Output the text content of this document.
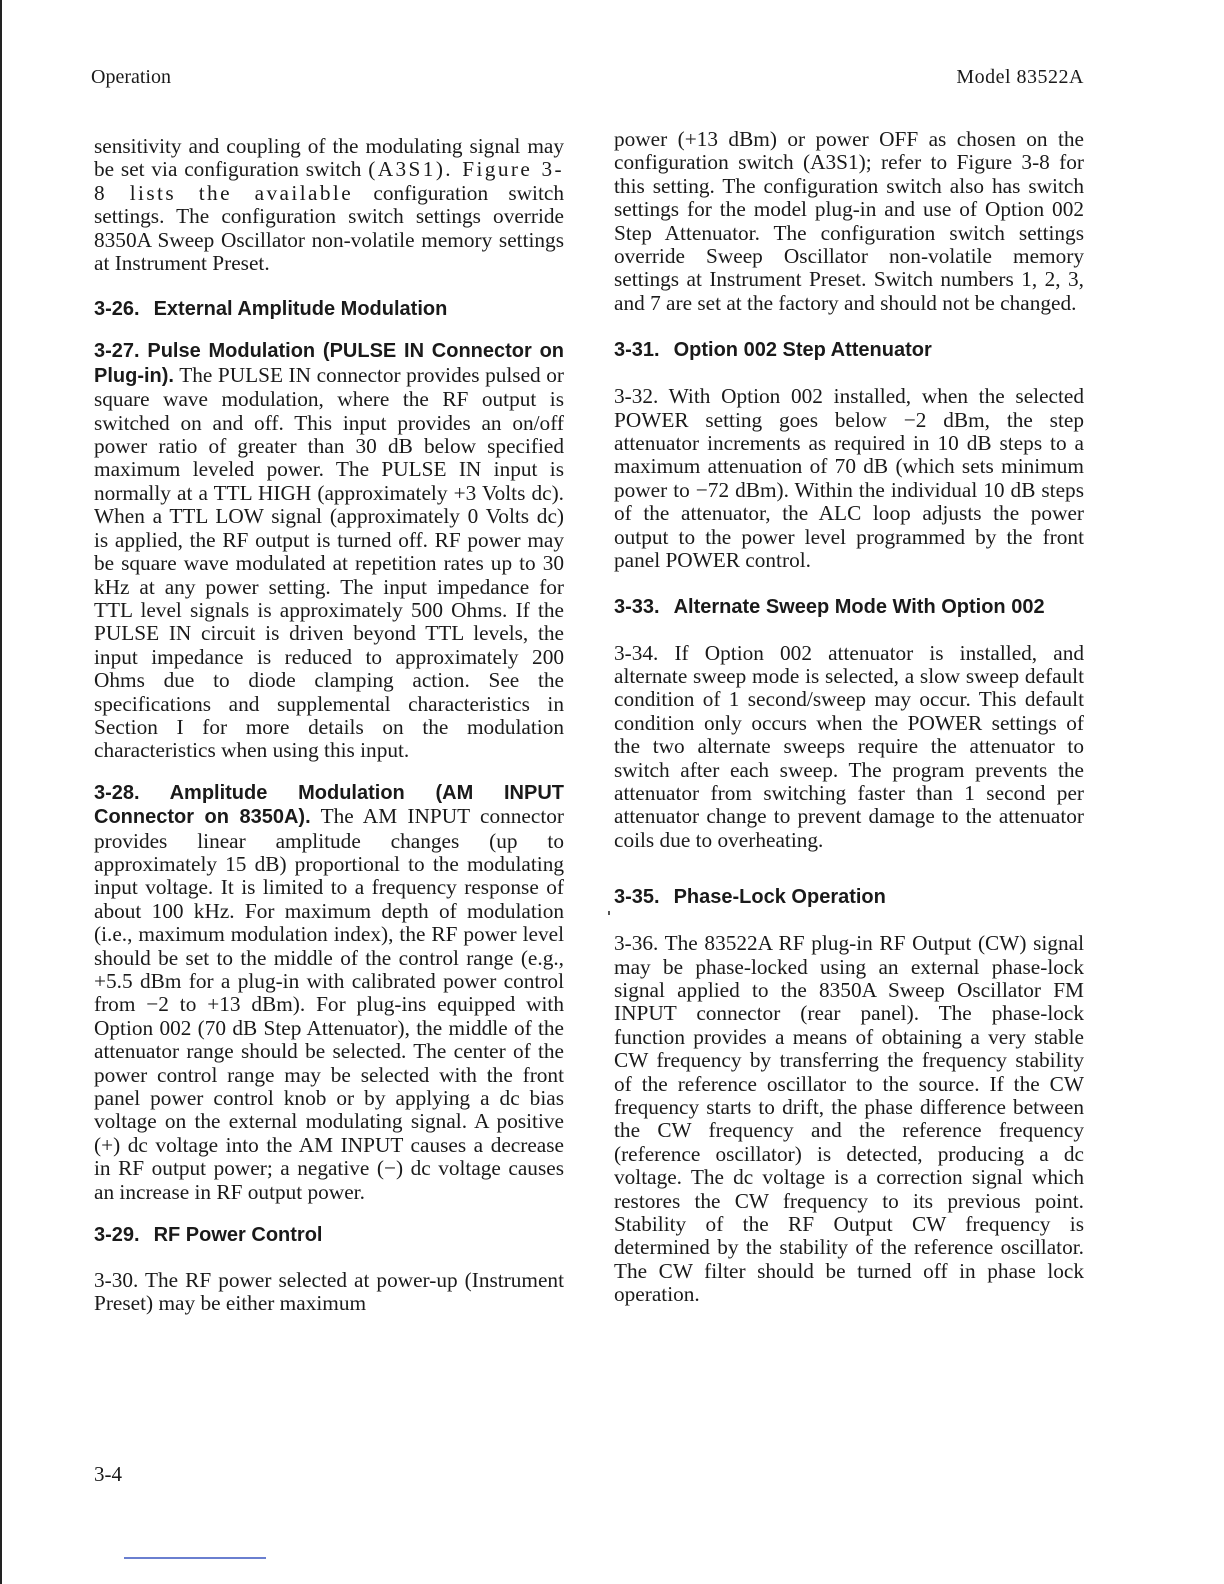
Operation	Model 83522A

sensitivity and coupling of the modulating signal may be set via configuration switch (A3S1). Figure 3-8 lists the available configuration switch settings. The configuration switch settings override 8350A Sweep Oscillator non-volatile memory settings at Instrument Preset.

3-26. External Amplitude Modulation

3-27. Pulse Modulation (PULSE IN Connector on Plug-in). The PULSE IN connector provides pulsed or square wave modulation, where the RF output is switched on and off. This input provides an on/off power ratio of greater than 30 dB below specified maximum leveled power. The PULSE IN input is normally at a TTL HIGH (approximately +3 Volts dc). When a TTL LOW signal (approximately 0 Volts dc) is applied, the RF output is turned off. RF power may be square wave modulated at repetition rates up to 30 kHz at any power setting. The input impedance for TTL level signals is approximately 500 Ohms. If the PULSE IN circuit is driven beyond TTL levels, the input impedance is reduced to approximately 200 Ohms due to diode clamping action. See the specifications and supplemental characteristics in Section I for more details on the modulation characteristics when using this input.

3-28. Amplitude Modulation (AM INPUT Connector on 8350A). The AM INPUT connector provides linear amplitude changes (up to approximately 15 dB) proportional to the modulating input voltage. It is limited to a frequency response of about 100 kHz. For maximum depth of modulation (i.e., maximum modulation index), the RF power level should be set to the middle of the control range (e.g., +5.5 dBm for a plug-in with calibrated power control from −2 to +13 dBm). For plug-ins equipped with Option 002 (70 dB Step Attenuator), the middle of the attenuator range should be selected. The center of the power control range may be selected with the front panel power control knob or by applying a dc bias voltage on the external modulating signal. A positive (+) dc voltage into the AM INPUT causes a decrease in RF output power; a negative (−) dc voltage causes an increase in RF output power.

3-29. RF Power Control

3-30. The RF power selected at power-up (Instrument Preset) may be either maximum

power (+13 dBm) or power OFF as chosen on the configuration switch (A3S1); refer to Figure 3-8 for this setting. The configuration switch also has switch settings for the model plug-in and use of Option 002 Step Attenuator. The configuration switch settings override Sweep Oscillator non-volatile memory settings at Instrument Preset. Switch numbers 1, 2, 3, and 7 are set at the factory and should not be changed.

3-31. Option 002 Step Attenuator

3-32. With Option 002 installed, when the selected POWER setting goes below −2 dBm, the step attenuator increments as required in 10 dB steps to a maximum attenuation of 70 dB (which sets minimum power to −72 dBm). Within the individual 10 dB steps of the attenuator, the ALC loop adjusts the power output to the power level programmed by the front panel POWER control.

3-33. Alternate Sweep Mode With Option 002

3-34. If Option 002 attenuator is installed, and alternate sweep mode is selected, a slow sweep default condition of 1 second/sweep may occur. This default condition only occurs when the POWER settings of the two alternate sweeps require the attenuator to switch after each sweep. The program prevents the attenuator from switching faster than 1 second per attenuator change to prevent damage to the attenuator coils due to overheating.

3-35. Phase-Lock Operation

3-36. The 83522A RF plug-in RF Output (CW) signal may be phase-locked using an external phase-lock signal applied to the 8350A Sweep Oscillator FM INPUT connector (rear panel). The phase-lock function provides a means of obtaining a very stable CW frequency by transferring the frequency stability of the reference oscillator to the source. If the CW frequency starts to drift, the phase difference between the CW frequency and the reference frequency (reference oscillator) is detected, producing a dc voltage. The dc voltage is a correction signal which restores the CW frequency to its previous point. Stability of the RF Output CW frequency is determined by the stability of the reference oscillator. The CW filter should be turned off in phase lock operation.

3-4
